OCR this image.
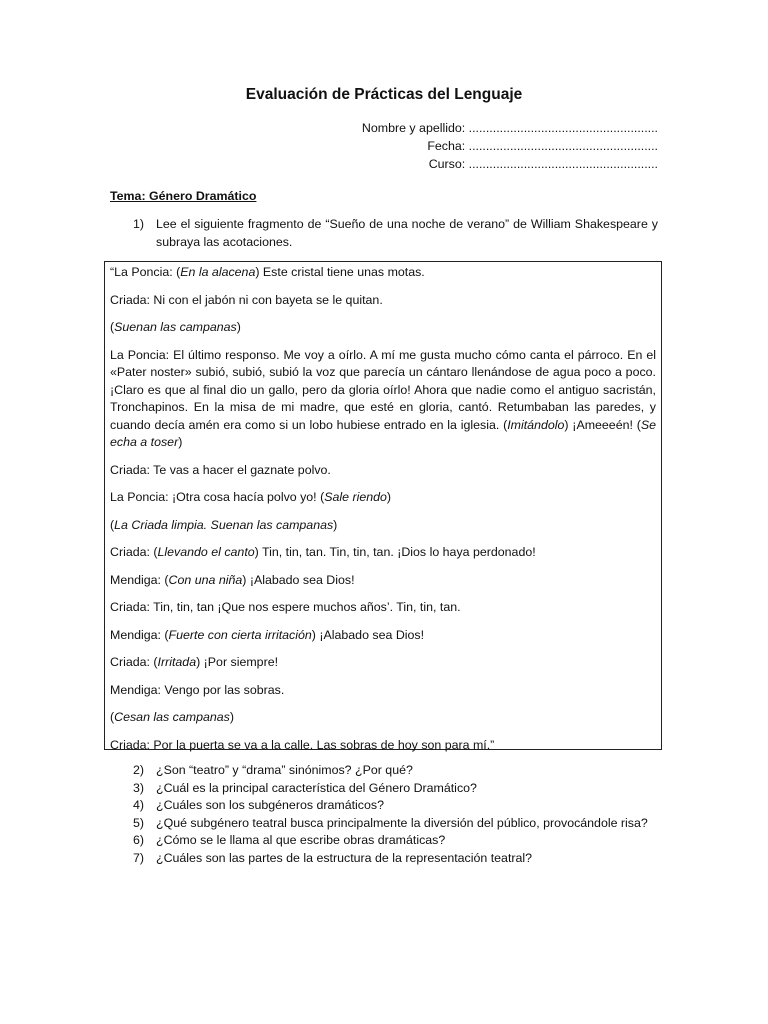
Evaluación de Prácticas del Lenguaje
Nombre y apellido: .......................................................
Fecha: .......................................................
Curso: .......................................................
Tema: Género Dramático
1) Lee el siguiente fragmento de “Sueño de una noche de verano” de William Shakespeare y subraya las acotaciones.

“La Poncia: (En la alacena) Este cristal tiene unas motas.

Criada: Ni con el jabón ni con bayeta se le quitan.

(Suenan las campanas)

La Poncia: El último responso. Me voy a oírlo. A mí me gusta mucho cómo canta el párroco. En el «Pater noster» subió, subió, subió la voz que parecía un cántaro llenándose de agua poco a poco. ¡Claro es que al final dio un gallo, pero da gloria oírlo! Ahora que nadie como el antiguo sacristán, Tronchapinos. En la misa de mi madre, que esté en gloria, cantó. Retumbaban las paredes, y cuando decía amén era como si un lobo hubiese entrado en la iglesia. (Imitándolo) ¡Ameeeén! (Se echa a toser)

Criada: Te vas a hacer el gaznate polvo.

La Poncia: ¡Otra cosa hacía polvo yo! (Sale riendo)

(La Criada limpia. Suenan las campanas)

Criada: (Llevando el canto) Tin, tin, tan. Tin, tin, tan. ¡Dios lo haya perdonado!

Mendiga: (Con una niña) ¡Alabado sea Dios!

Criada: Tin, tin, tan ¡Que nos espere muchos años’. Tin, tin, tan.

Mendiga: (Fuerte con cierta irritación) ¡Alabado sea Dios!

Criada: (Irritada) ¡Por siempre!

Mendiga: Vengo por las sobras.

(Cesan las campanas)

Criada: Por la puerta se va a la calle. Las sobras de hoy son para mí.”

2) ¿Son “teatro” y “drama” sinónimos? ¿Por qué?
3) ¿Cuál es la principal característica del Género Dramático?
4) ¿Cuáles son los subgéneros dramáticos?
5) ¿Qué subgénero teatral busca principalmente la diversión del público, provocándole risa?
6) ¿Cómo se le llama al que escribe obras dramáticas?
7) ¿Cuáles son las partes de la estructura de la representación teatral?
